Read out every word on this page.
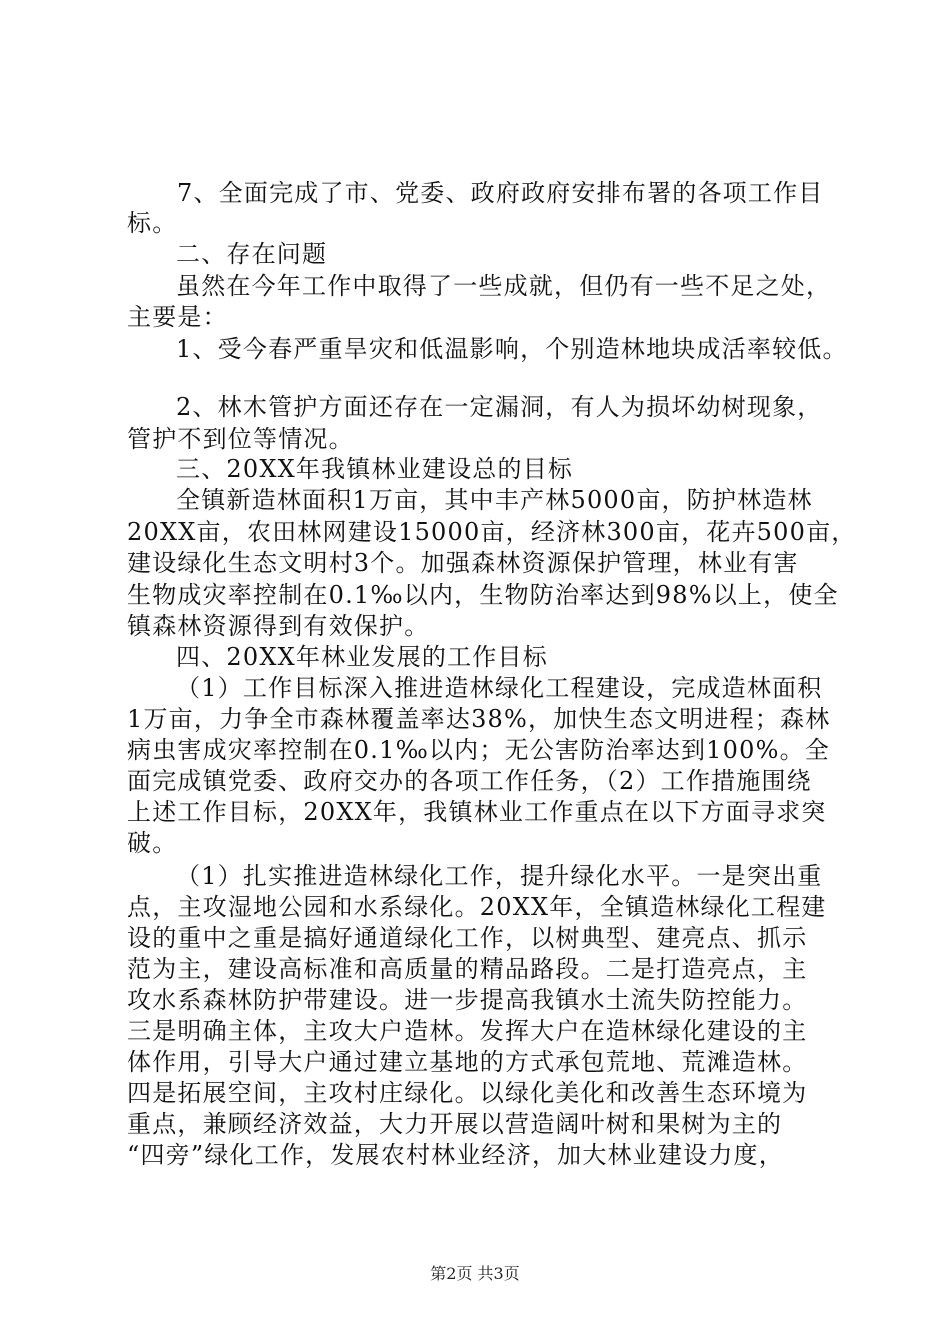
7、全面完成了市、党委、政府政府安排布署的各项工作目
标。
二、存在问题
虽然在今年工作中取得了一些成就，但仍有一些不足之处，
主要是：
1、受今春严重旱灾和低温影响，个别造林地块成活率较低。
2、林木管护方面还存在一定漏洞，有人为损坏幼树现象，
管护不到位等情况。
三、20XX年我镇林业建设总的目标
全镇新造林面积1万亩，其中丰产林5000亩，防护林造林
20XX亩，农田林网建设15000亩，经济林300亩，花卉500亩，
建设绿化生态文明村3个。加强森林资源保护管理，林业有害
生物成灾率控制在0.1‰以内，生物防治率达到98%以上，使全
镇森林资源得到有效保护。
四、20XX年林业发展的工作目标
（1）工作目标深入推进造林绿化工程建设，完成造林面积
1万亩，力争全市森林覆盖率达38%，加快生态文明进程；森林
病虫害成灾率控制在0.1‰以内；无公害防治率达到100%。全
面完成镇党委、政府交办的各项工作任务，（2）工作措施围绕
上述工作目标，20XX年，我镇林业工作重点在以下方面寻求突
破。
（1）扎实推进造林绿化工作，提升绿化水平。一是突出重
点，主攻湿地公园和水系绿化。20XX年，全镇造林绿化工程建
设的重中之重是搞好通道绿化工作，以树典型、建亮点、抓示
范为主，建设高标准和高质量的精品路段。二是打造亮点，主
攻水系森林防护带建设。进一步提高我镇水土流失防控能力。
三是明确主体，主攻大户造林。发挥大户在造林绿化建设的主
体作用，引导大户通过建立基地的方式承包荒地、荒滩造林。
四是拓展空间，主攻村庄绿化。以绿化美化和改善生态环境为
重点，兼顾经济效益，大力开展以营造阔叶树和果树为主的
“四旁”绿化工作，发展农村林业经济，加大林业建设力度，
第2页 共3页
